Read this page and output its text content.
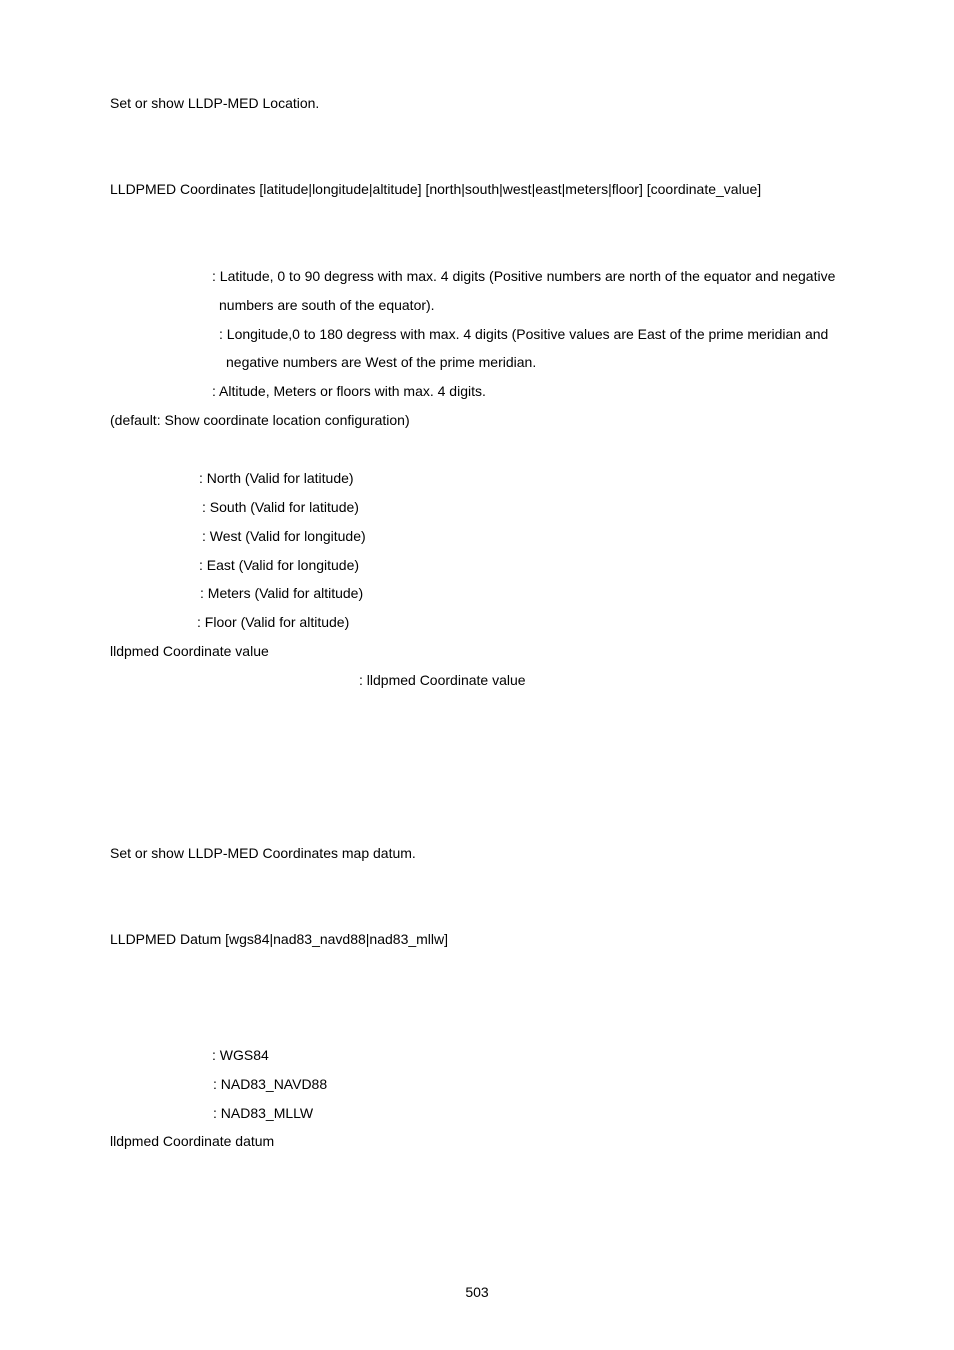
Set or show LLDP-MED Location.
LLDPMED Coordinates [latitude|longitude|altitude] [north|south|west|east|meters|floor] [coordinate_value]
: Latitude, 0 to 90 degress with max. 4 digits (Positive numbers are north of the equator and negative
numbers are south of the equator).
: Longitude,0 to 180 degress with max. 4 digits (Positive values are East of the prime meridian and
negative numbers are West of the prime meridian.
: Altitude, Meters or floors with max. 4 digits.
(default: Show coordinate location configuration)
: North (Valid for latitude)
: South (Valid for latitude)
: West (Valid for longitude)
: East (Valid for longitude)
: Meters (Valid for altitude)
: Floor (Valid for altitude)
lldpmed Coordinate value
: lldpmed Coordinate value
Set or show LLDP-MED Coordinates map datum.
LLDPMED Datum [wgs84|nad83_navd88|nad83_mllw]
: WGS84
: NAD83_NAVD88
: NAD83_MLLW
lldpmed Coordinate datum
503
